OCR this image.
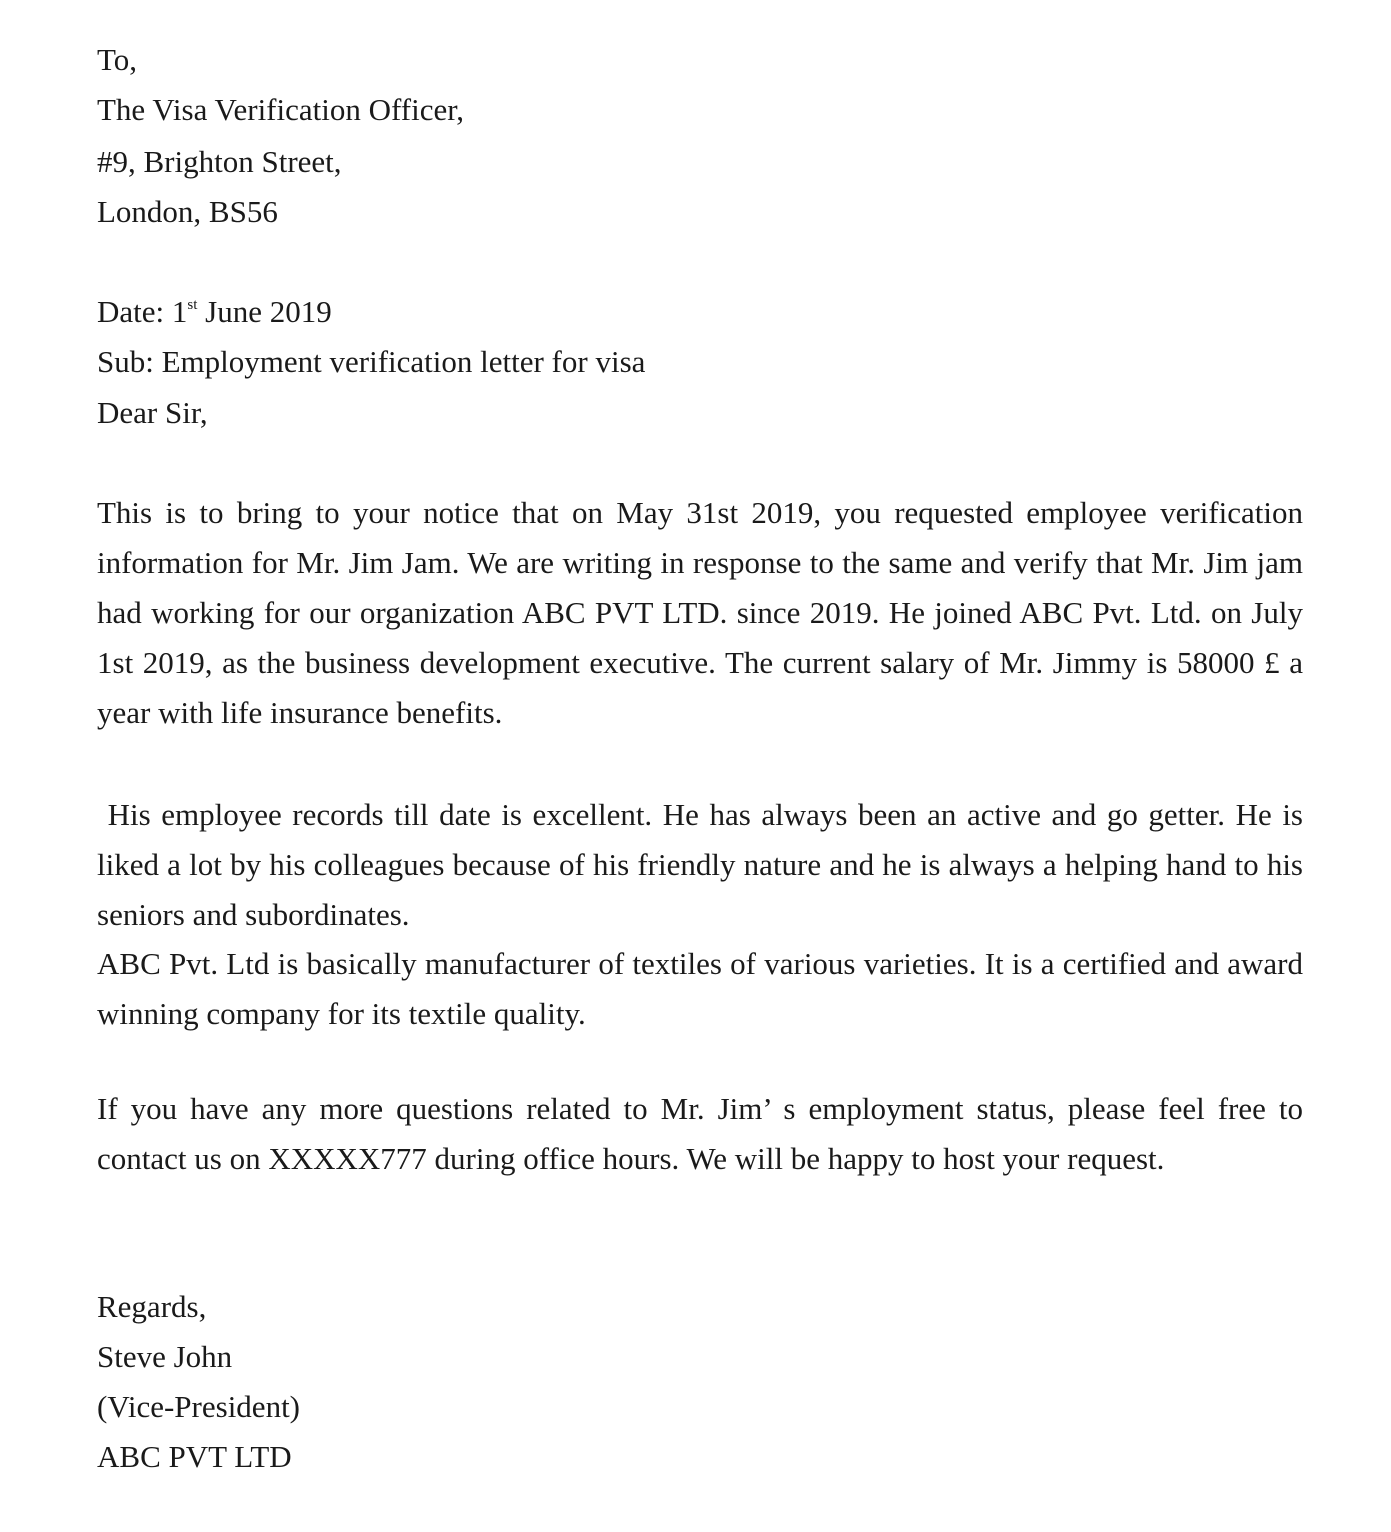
To,

The Visa Verification Officer,

#9, Brighton Street,

London, BS56

Date: 1st June 2019

Sub: Employment verification letter for visa

Dear Sir,

This is to bring to your notice that on May 31st 2019, you requested employee verification information for Mr. Jim Jam. We are writing in response to the same and verify that Mr. Jim jam had working for our organization ABC PVT LTD. since 2019. He joined ABC Pvt. Ltd. on July 1st 2019, as the business development executive. The current salary of Mr. Jimmy is 58000 £ a year with life insurance benefits.

His employee records till date is excellent. He has always been an active and go getter. He is liked a lot by his colleagues because of his friendly nature and he is always a helping hand to his seniors and subordinates.

ABC Pvt. Ltd is basically manufacturer of textiles of various varieties. It is a certified and award winning company for its textile quality.

If you have any more questions related to Mr. Jim’ s employment status, please feel free to contact us on XXXXX777 during office hours. We will be happy to host your request.

Regards,

Steve John

(Vice-President)

ABC PVT LTD
